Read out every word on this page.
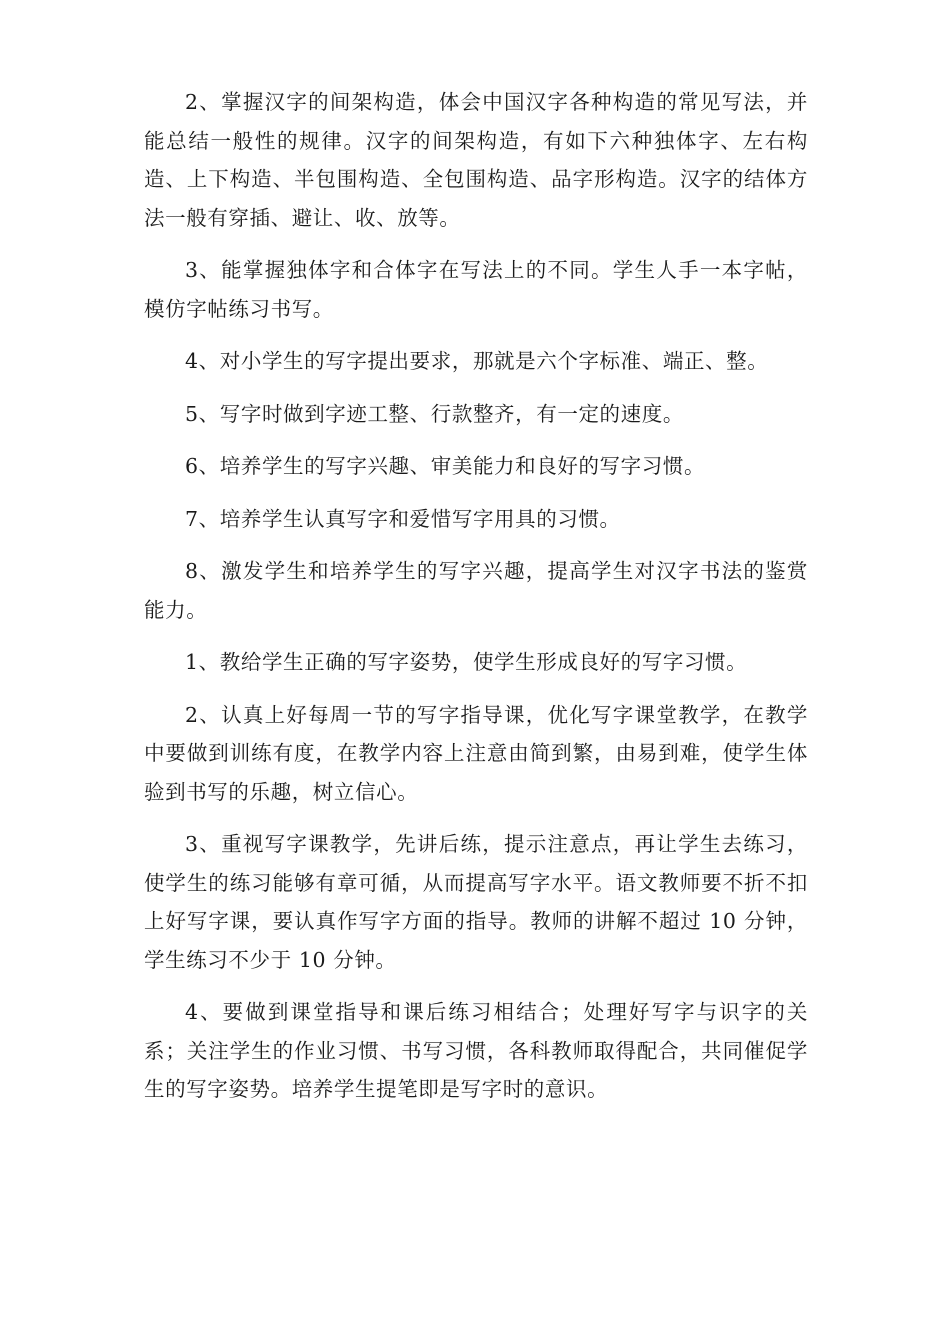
2、掌握汉字的间架构造，体会中国汉字各种构造的常见写法，并能总结一般性的规律。汉字的间架构造，有如下六种独体字、左右构造、上下构造、半包围构造、全包围构造、品字形构造。汉字的结体方法一般有穿插、避让、收、放等。

3、能掌握独体字和合体字在写法上的不同。学生人手一本字帖，模仿字帖练习书写。

4、对小学生的写字提出要求，那就是六个字标准、端正、整。

5、写字时做到字迹工整、行款整齐，有一定的速度。

6、培养学生的写字兴趣、审美能力和良好的写字习惯。

7、培养学生认真写字和爱惜写字用具的习惯。

8、激发学生和培养学生的写字兴趣，提高学生对汉字书法的鉴赏能力。

1、教给学生正确的写字姿势，使学生形成良好的写字习惯。

2、认真上好每周一节的写字指导课，优化写字课堂教学，在教学中要做到训练有度，在教学内容上注意由简到繁，由易到难，使学生体验到书写的乐趣，树立信心。

3、重视写字课教学，先讲后练，提示注意点，再让学生去练习，使学生的练习能够有章可循，从而提高写字水平。语文教师要不折不扣上好写字课，要认真作写字方面的指导。教师的讲解不超过 10 分钟，学生练习不少于 10 分钟。

4、要做到课堂指导和课后练习相结合；处理好写字与识字的关系；关注学生的作业习惯、书写习惯，各科教师取得配合，共同催促学生的写字姿势。培养学生提笔即是写字时的意识。
